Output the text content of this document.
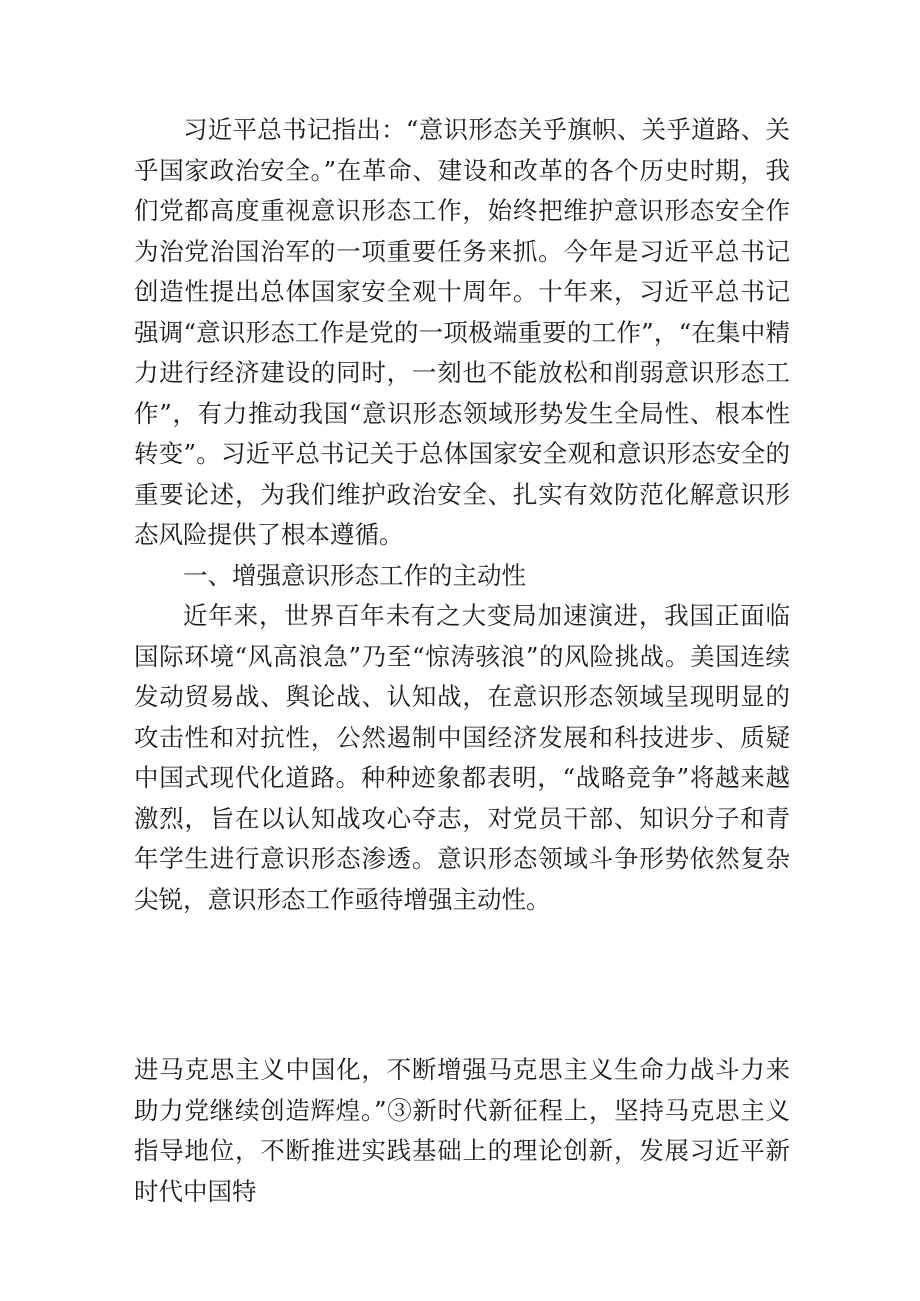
习近平总书记指出：“意识形态关乎旗帜、关乎道路、关乎国家政治安全。”在革命、建设和改革的各个历史时期，我们党都高度重视意识形态工作，始终把维护意识形态安全作为治党治国治军的一项重要任务来抓。今年是习近平总书记创造性提出总体国家安全观十周年。十年来，习近平总书记强调“意识形态工作是党的一项极端重要的工作”，“在集中精力进行经济建设的同时，一刻也不能放松和削弱意识形态工作”，有力推动我国“意识形态领域形势发生全局性、根本性转变”。习近平总书记关于总体国家安全观和意识形态安全的重要论述，为我们维护政治安全、扎实有效防范化解意识形态风险提供了根本遵循。

一、增强意识形态工作的主动性

近年来，世界百年未有之大变局加速演进，我国正面临国际环境“风高浪急”乃至“惊涛骇浪”的风险挑战。美国连续发动贸易战、舆论战、认知战，在意识形态领域呈现明显的攻击性和对抗性，公然遏制中国经济发展和科技进步、质疑中国式现代化道路。种种迹象都表明，“战略竞争”将越来越激烈，旨在以认知战攻心夺志，对党员干部、知识分子和青年学生进行意识形态渗透。意识形态领域斗争形势依然复杂尖锐，意识形态工作亟待增强主动性。

进马克思主义中国化，不断增强马克思主义生命力战斗力来助力党继续创造辉煌。”③新时代新征程上，坚持马克思主义指导地位，不断推进实践基础上的理论创新，发展习近平新时代中国特
